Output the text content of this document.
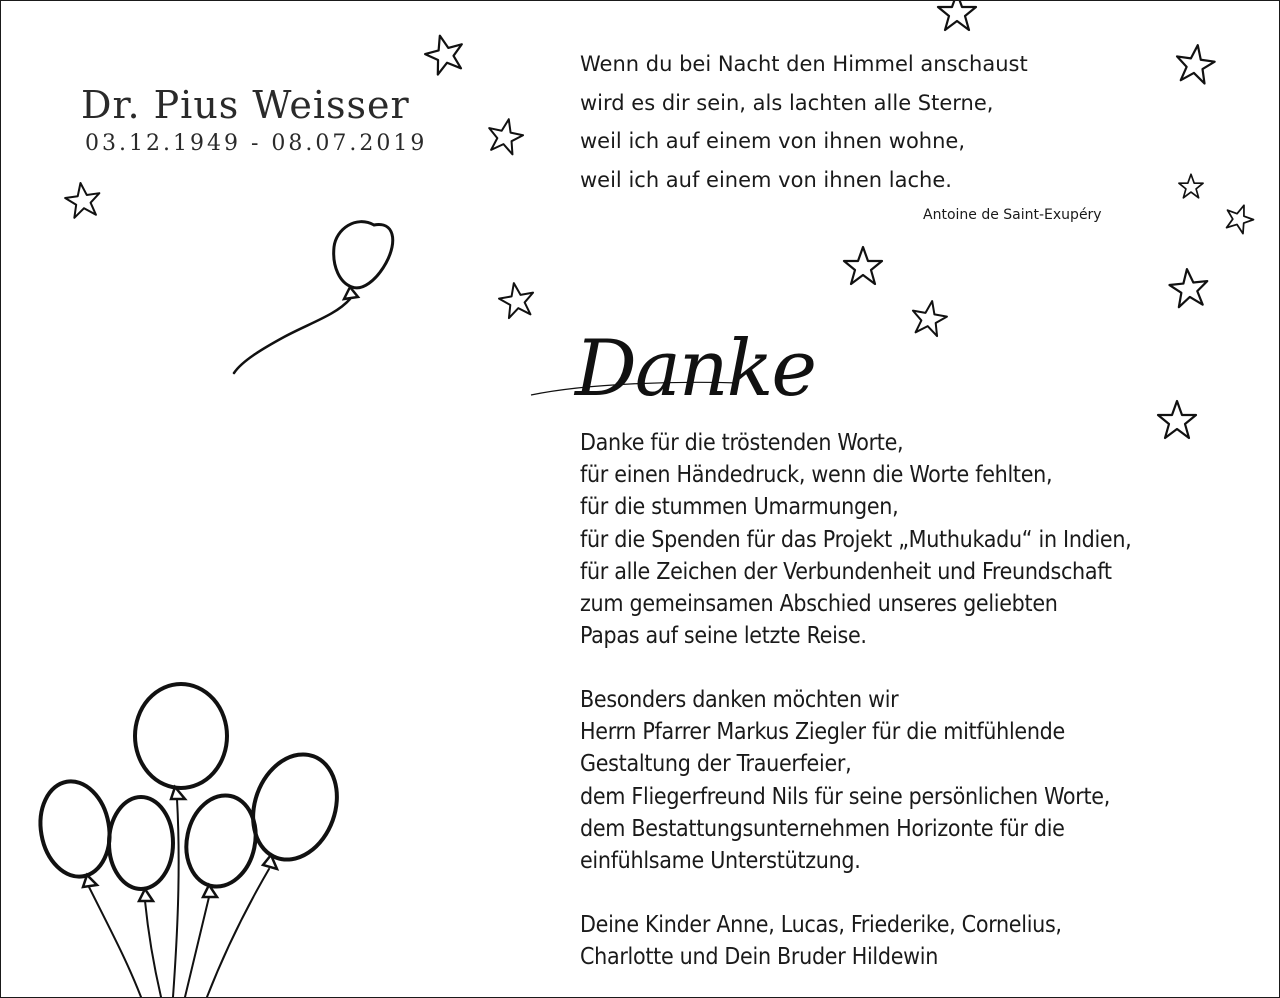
Dr. Pius Weisser
03.12.1949 - 08.07.2019
Wenn du bei Nacht den Himmel anschaust
wird es dir sein, als lachten alle Sterne,
weil ich auf einem von ihnen wohne,
weil ich auf einem von ihnen lache.
Antoine de Saint-Exupéry
Danke
Danke für die tröstenden Worte,
für einen Händedruck, wenn die Worte fehlten,
für die stummen Umarmungen,
für die Spenden für das Projekt „Muthukadu“ in Indien,
für alle Zeichen der Verbundenheit und Freundschaft
zum gemeinsamen Abschied unseres geliebten
Papas auf seine letzte Reise.
Besonders danken möchten wir
Herrn Pfarrer Markus Ziegler für die mitfühlende
Gestaltung der Trauerfeier,
dem Fliegerfreund Nils für seine persönlichen Worte,
dem Bestattungsunternehmen Horizonte für die
einfühlsame Unterstützung.
Deine Kinder Anne, Lucas, Friederike, Cornelius,
Charlotte und Dein Bruder Hildewin
